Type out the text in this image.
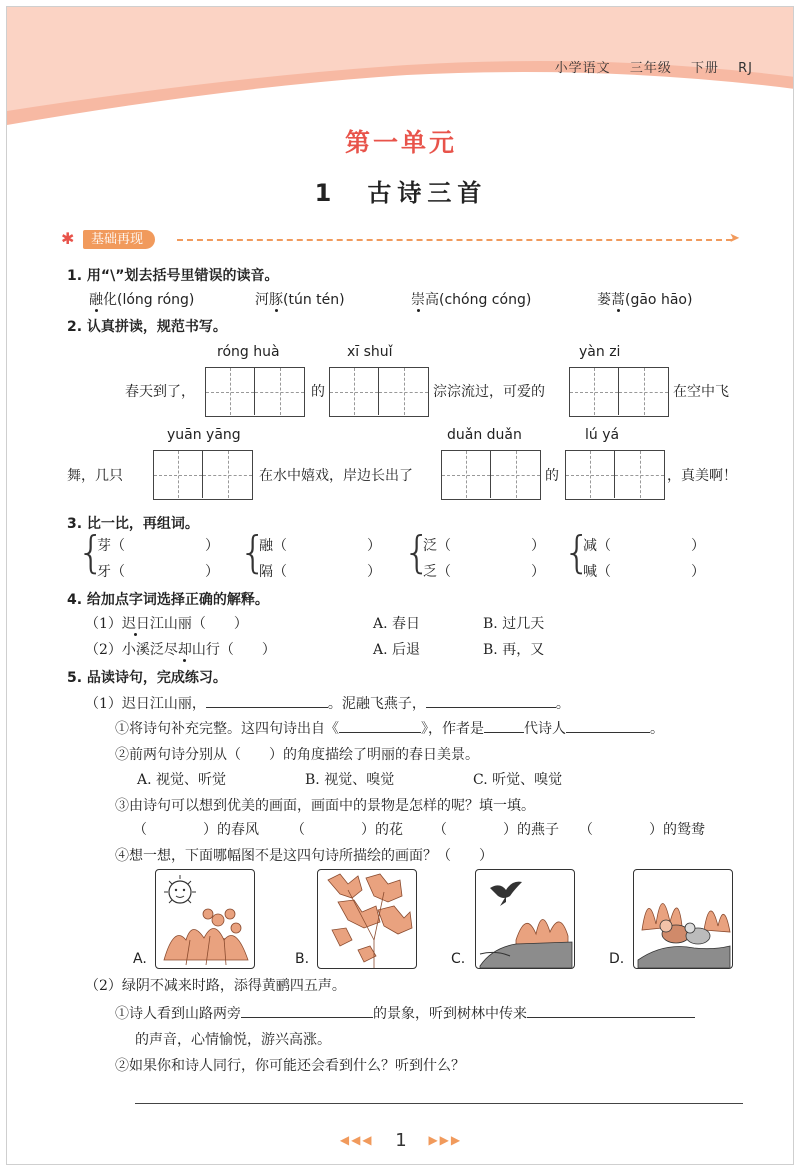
小学语文 三年级 下册 RJ
第一单元
1　古诗三首
✱	基础再现	➤
1. 用“\”划去括号里错误的读音。
融化(lóng róng)	河豚(tún tén)	崇高(chóng cóng)	蒌蒿(gāo hāo)
2. 认真拼读，规范书写。
róng huà	xī shuǐ	yàn zi
春天到了，	的	淙淙流过，可爱的	在空中飞
yuān yāng	duǎn duǎn	lú yá
舞，几只	在水中嬉戏，岸边长出了	的	，真美啊！
3. 比一比，再组词。
{
芽（	）
牙（	） {
融（	）
隔（	） {
泛（	）
乏（	） {
减（	）
喊（	）
4. 给加点字词选择正确的解释。
（1）迟日江山丽（　　）	A. 春日	B. 过几天
（2）小溪泛尽却山行（　　）	A. 后退	B. 再，又
5. 品读诗句，完成练习。
（1）迟日江山丽，	。泥融飞燕子，	。
①将诗句补充完整。这四句诗出自《	》，作者是	代诗人	。
②前两句诗分别从（　　）的角度描绘了明丽的春日美景。
A. 视觉、听觉	B. 视觉、嗅觉	C. 听觉、嗅觉
③由诗句可以想到优美的画面，画面中的景物是怎样的呢？填一填。
（　　　　）的春风 （　　　　）的花 （　　　　）的燕子 （　　　　）的鸳鸯
④想一想，下面哪幅图不是这四句诗所描绘的画面？（　　）
A.	B.	C.	D.
（2）绿阴不减来时路，添得黄鹂四五声。
①诗人看到山路两旁	的景象，听到树林中传来
的声音，心情愉悦，游兴高涨。
②如果你和诗人同行，你可能还会看到什么？听到什么？
◀◀◀ 1 ▶▶▶
